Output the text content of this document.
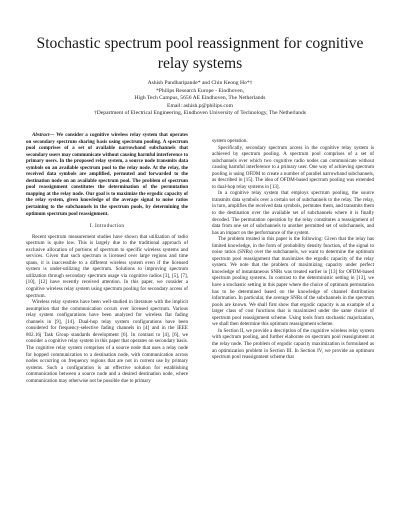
Stochastic spectrum pool reassignment for cognitive relay systems
Ashish Pandharipande* and Chin Keong Ho*†
*Philips Research Europe - Eindhoven,
High Tech Campus, 5656 AE Eindhoven, The Netherlands
Email: ashish.p@philips.com
†Department of Electrical Engineering, Eindhoven University of Technology, The Netherlands

Abstract— We consider a cognitive wireless relay system that operates on secondary spectrum sharing basis using spectrum pooling. A spectrum pool comprises of a set of available narrowband subchannels that secondary users may communicate without causing harmful interference to primary users. In the proposed relay system, a source node transmits data symbols on an available spectrum pool to the relay node. At the relay, the received data symbols are amplified, permuted and forwarded to the destination node on an available spectrum pool. The problem of spectrum pool reassignment constitutes the determination of the permutation mapping at the relay node. Our goal is to maximize the ergodic capacity of the relay system, given knowledge of the average signal to noise ratios pertaining to the subchannels in the spectrum pools, by determining the optimum spectrum pool reassignment.

I. Introduction

Recent spectrum measurement studies have shown that utilization of radio spectrum is quite low. This is largely due to the traditional approach of exclusive allocation of portions of spectrum to specific wireless systems and services. Given that such spectrum is licensed over large regions and time spans, it is inaccessible to a different wireless system even if the licensed system is under-utilizing the spectrum. Solutions to improving spectrum utilization through secondary spectrum usage via cognitive radios [3], [5], [7], [10], [12] have recently received attention. In this paper, we consider a cognitive wireless relay system using spectrum pooling for secondary access of spectrum.

Wireless relay systems have been well-studied in literature with the implicit assumption that the communication occurs over licensed spectrum. Various relay system configurations have been analyzed for wireless flat fading channels in [9], [14]. Dual-hop relay system configurations have been considered for frequency-selective fading channels in [4] and in the IEEE 802.16j Task Group standards development [6]. In contrast to [4], [6], we consider a cognitive relay system in this paper that operates on secondary basis. The cognitive relay system comprises of a source node that uses a relay node for hopped communication to a destination node, with communication across nodes occurring on frequency regions that are not in current use by primary systems. Such a configuration is an effective solution for establishing communication between a source node and a desired destination node, where communication may otherwise not be possible due to primary

system operation.

Specifically, secondary spectrum access in the cognitive relay system is achieved by spectrum pooling. A spectrum pool comprises of a set of subchannels over which two cognitive radio nodes can communicate without causing harmful interference to a primary user. One way of achieving spectrum pooling is using OFDM to create a number of parallel narrowband subchannels, as described in [15]. The idea of OFDM-based spectrum pooling was extended to dual-hop relay systems in [13].

In a cognitive relay system that employs spectrum pooling, the source transmits data symbols over a certain set of subchannels to the relay. The relay, in turn, amplifies the received data symbols, permutes them, and transmits them to the destination over the available set of subchannels where it is finally decoded. The permutation operation by the relay constitutes a reassignment of data from one set of subchannels to another permitted set of subchannels, and has an impact on the performance of the system.

The problem treated in this paper is the following: Given that the relay has limited knowledge, in the form of probability density function, of the signal to noise ratios (SNRs) over the subchannels, we want to determine the optimum spectrum pool reassignment that maximizes the ergodic capacity of the relay system. We note that the problem of maximizing capacity under perfect knowledge of instantaneous SNRs was treated earlier in [13] for OFDM-based spectrum pooling systems. In contrast to the deterministic setting in [13], we have a stochastic setting in this paper where the choice of optimum permutation has to be determined based on the knowledge of channel distribution information. In particular, the average SNRs of the subchannels in the spectrum pools are known. We shall first show that ergodic capacity is an example of a larger class of cost functions that is maximized under the same choice of spectrum pool reassignment scheme. Using tools from stochastic majorization, we shall then determine this optimum reassignment scheme.

In Section II, we provide a description of the cognitive wireless relay system with spectrum pooling, and further elaborate on spectrum pool reassignment at the relay node. The problem of ergodic capacity maximization is formulated as an optimization problem in Section III. In Section IV, we provide an optimum spectrum pool reassignment scheme that
